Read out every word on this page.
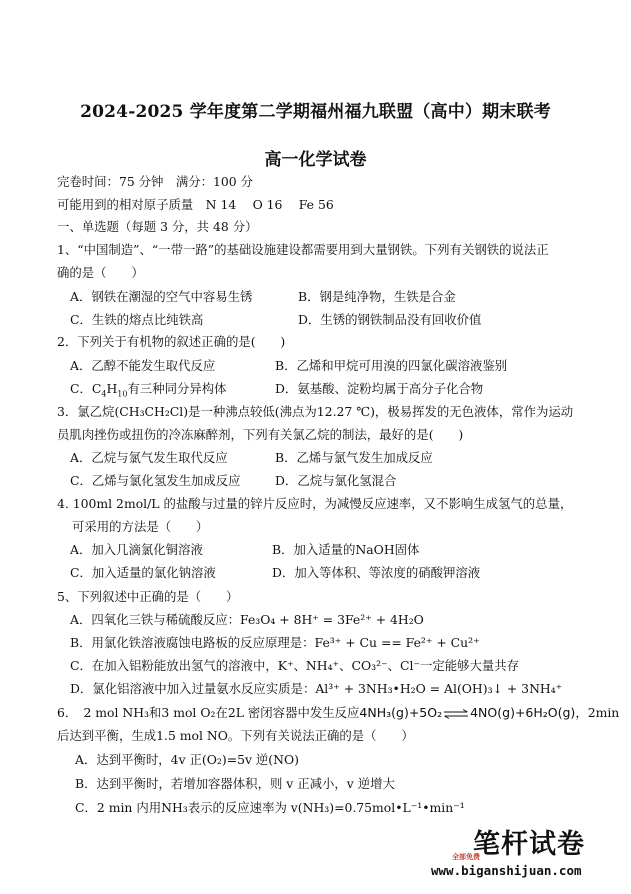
2024-2025 学年度第二学期福州福九联盟（高中）期末联考
高一化学试卷
完卷时间：75 分钟　满分：100 分
可能用到的相对原子质量　N 14　 O 16　 Fe 56
一、单选题（每题 3 分，共 48 分）
1、“中国制造”、“一带一路”的基础设施建设都需要用到大量钢铁。下列有关钢铁的说法正
确的是（　　）
A．钢铁在潮湿的空气中容易生锈	B．钢是纯净物，生铁是合金
C．生铁的熔点比纯铁高	D．生锈的钢铁制品没有回收价值
2．下列关于有机物的叙述正确的是(　　)
A．乙醇不能发生取代反应	B．乙烯和甲烷可用溴的四氯化碳溶液鉴别
C．$C_4H_{10}$有三种同分异构体	D．氨基酸、淀粉均属于高分子化合物
3．氯乙烷(CH₃CH₂Cl)是一种沸点较低(沸点为12.27 ℃)，极易挥发的无色液体，常作为运动
员肌肉挫伤或扭伤的冷冻麻醉剂，下列有关氯乙烷的制法，最好的是(　　)
A．乙烷与氯气发生取代反应	B．乙烯与氯气发生加成反应
C．乙烯与氯化氢发生加成反应	D．乙烷与氯化氢混合
4. 100ml 2mol/L 的盐酸与过量的锌片反应时，为减慢反应速率，又不影响生成氢气的总量，
可采用的方法是（　　）
A．加入几滴氯化铜溶液	B．加入适量的NaOH固体
C．加入适量的氯化钠溶液	D．加入等体积、等浓度的硝酸钾溶液
5、下列叙述中正确的是（　　）
A．四氧化三铁与稀硫酸反应：Fe₃O₄ + 8H⁺ = 3Fe²⁺ + 4H₂O
B．用氯化铁溶液腐蚀电路板的反应原理是：Fe³⁺ + Cu == Fe²⁺ + Cu²⁺
C．在加入铝粉能放出氢气的溶液中，K⁺、NH₄⁺、CO₃²⁻、Cl⁻一定能够大量共存
D．氯化铝溶液中加入过量氨水反应实质是：Al³⁺ + 3NH₃•H₂O = Al(OH)₃↓ + 3NH₄⁺
6．　2 mol NH₃和3 mol O₂在2L 密闭容器中发生反应4NH₃(g)+5O₂⇌4NO(g)+6H₂O(g)，2min
后达到平衡，生成1.5 mol NO。下列有关说法正确的是（　　）
A．达到平衡时，4v 正(O₂)=5v 逆(NO)
B．达到平衡时，若增加容器体积，则 v 正减小，v 逆增大
C．2 min 内用NH₃表示的反应速率为 v(NH₃)=0.75mol•L⁻¹•min⁻¹
笔杆试卷
全部免费
www.biganshijuan.com
